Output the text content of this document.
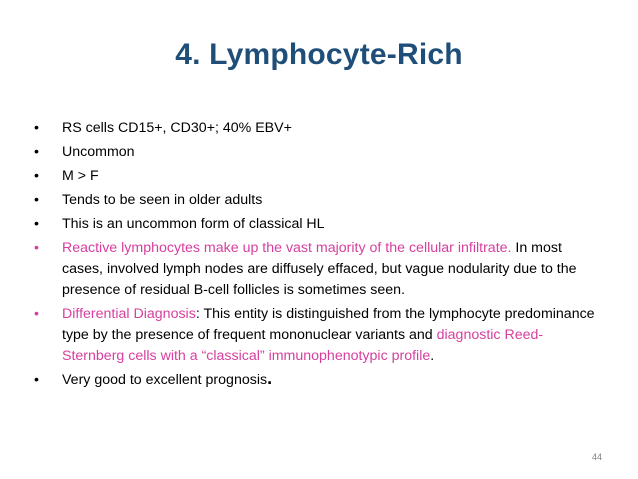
4. Lymphocyte-Rich
•	RS cells CD15+, CD30+; 40% EBV+
•	Uncommon
•	M > F
•	Tends to be seen in older adults
•	This is an uncommon form of classical HL
•	Reactive lymphocytes make up the vast majority of the cellular infiltrate. In most cases, involved lymph nodes are diffusely effaced, but vague nodularity due to the presence of residual B-cell follicles is sometimes seen.
•	Differential Diagnosis: This entity is distinguished from the lymphocyte predominance type by the presence of frequent mononuclear variants and diagnostic Reed-Sternberg cells with a “classical” immunophenotypic profile.
•	Very good to excellent prognosis.
44
